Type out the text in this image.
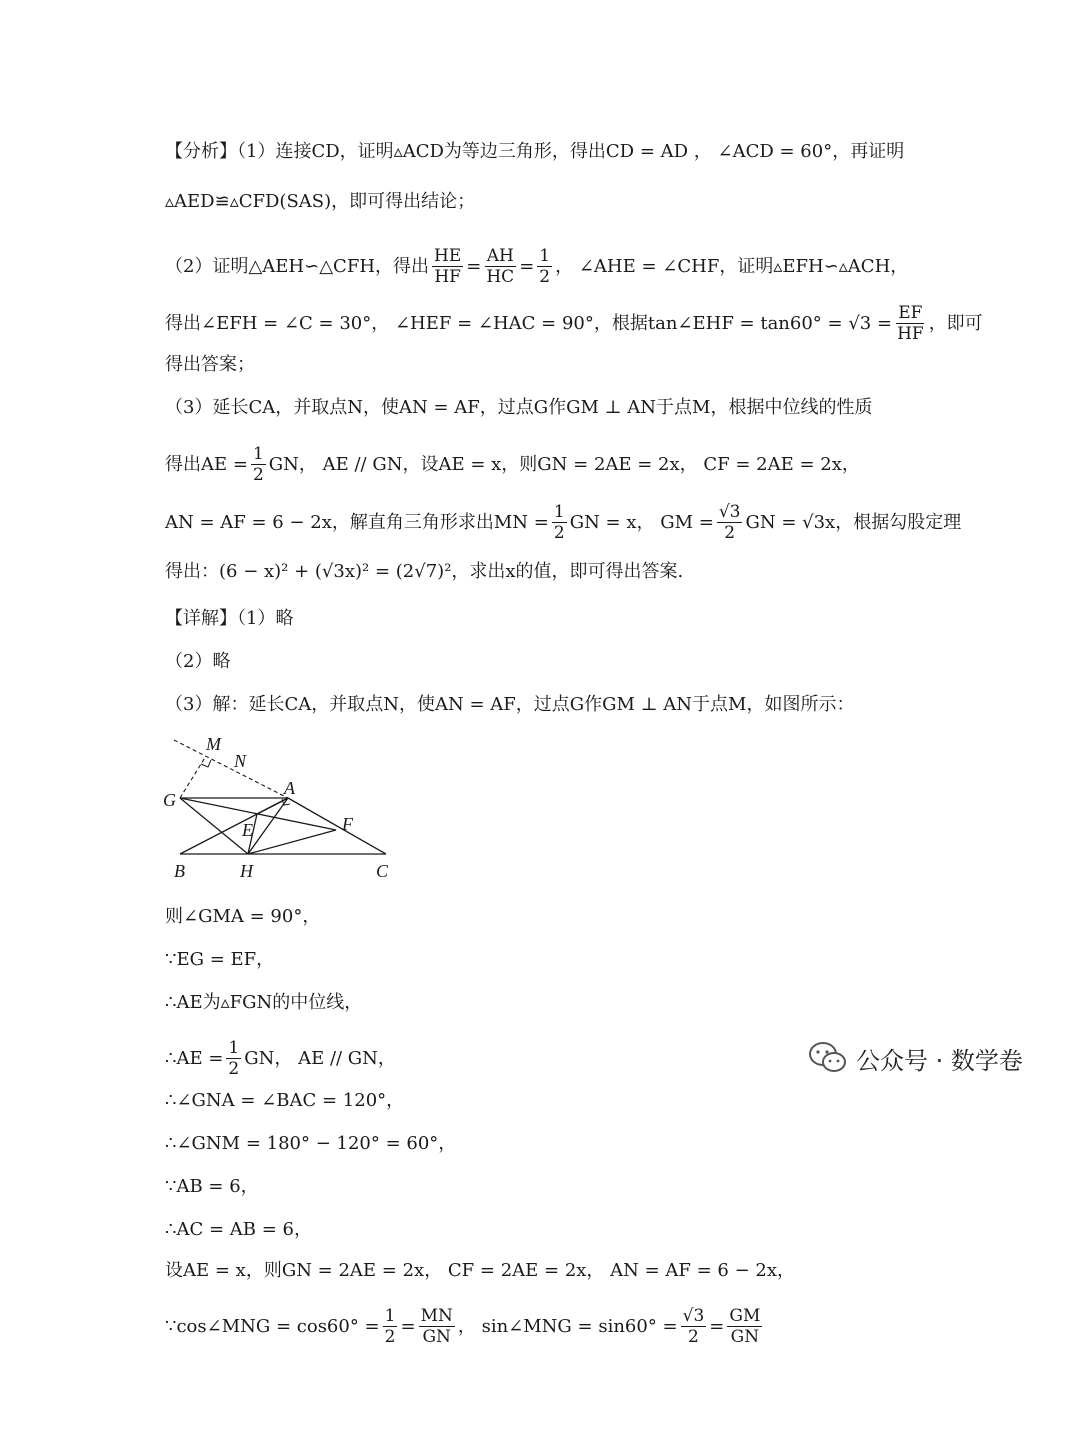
【分析】（1）连接CD，证明▵ACD为等边三角形，得出CD = AD ， ∠ACD = 60°，再证明
▵AED≌▵CFD(SAS)，即可得出结论；
（2）证明△AEH∽△CFH，得出 $\frac{HE}{HF} = \frac{AH}{HC} = \frac{1}{2}$ ， ∠AHE = ∠CHF，证明▵EFH∽▵ACH，
得出∠EFH = ∠C = 30°， ∠HEF = ∠HAC = 90°，根据tan∠EHF = $\tan 60^\circ = √3 = \frac{EF}{HF}$ ，即可
得出答案；
（3）延长CA，并取点N，使AN = AF，过点G作GM ⊥ AN于点M，根据中位线的性质
得出AE = $\frac{1}{2}$ GN， AE // GN，设AE = x，则GN = 2AE = 2x， CF = 2AE = 2x，
AN = AF = 6 − 2x，解直角三角形求出MN = $\frac{1}{2}$ GN = x， GM = $\frac{√3}{2}$ GN = √3x，根据勾股定理
得出：(6 − x)² + (√3x)² = (2√7)²，求出x的值，即可得出答案.
【详解】（1）略
（2）略
（3）解：延长CA，并取点N，使AN = AF，过点G作GM ⊥ AN于点M，如图所示：
则∠GMA = 90°，
∵EG = EF，
∴AE为▵FGN的中位线，
∴AE = $\frac{1}{2}$ GN， AE // GN，
∴∠GNA = ∠BAC = 120°，
∴∠GNM = 180° − 120° = 60°，
∵AB = 6，
∴AC = AB = 6，
设AE = x，则GN = 2AE = 2x， CF = 2AE = 2x， AN = AF = 6 − 2x，
∵cos∠MNG = $\cos 60^\circ = \frac{1}{2} = \frac{MN}{GN}$ ， sin∠MNG = $\sin 60^\circ = \frac{√3}{2} = \frac{GM}{GN}$
M
N
G
A
E	F
B	H	C
公众号 · 数学卷
